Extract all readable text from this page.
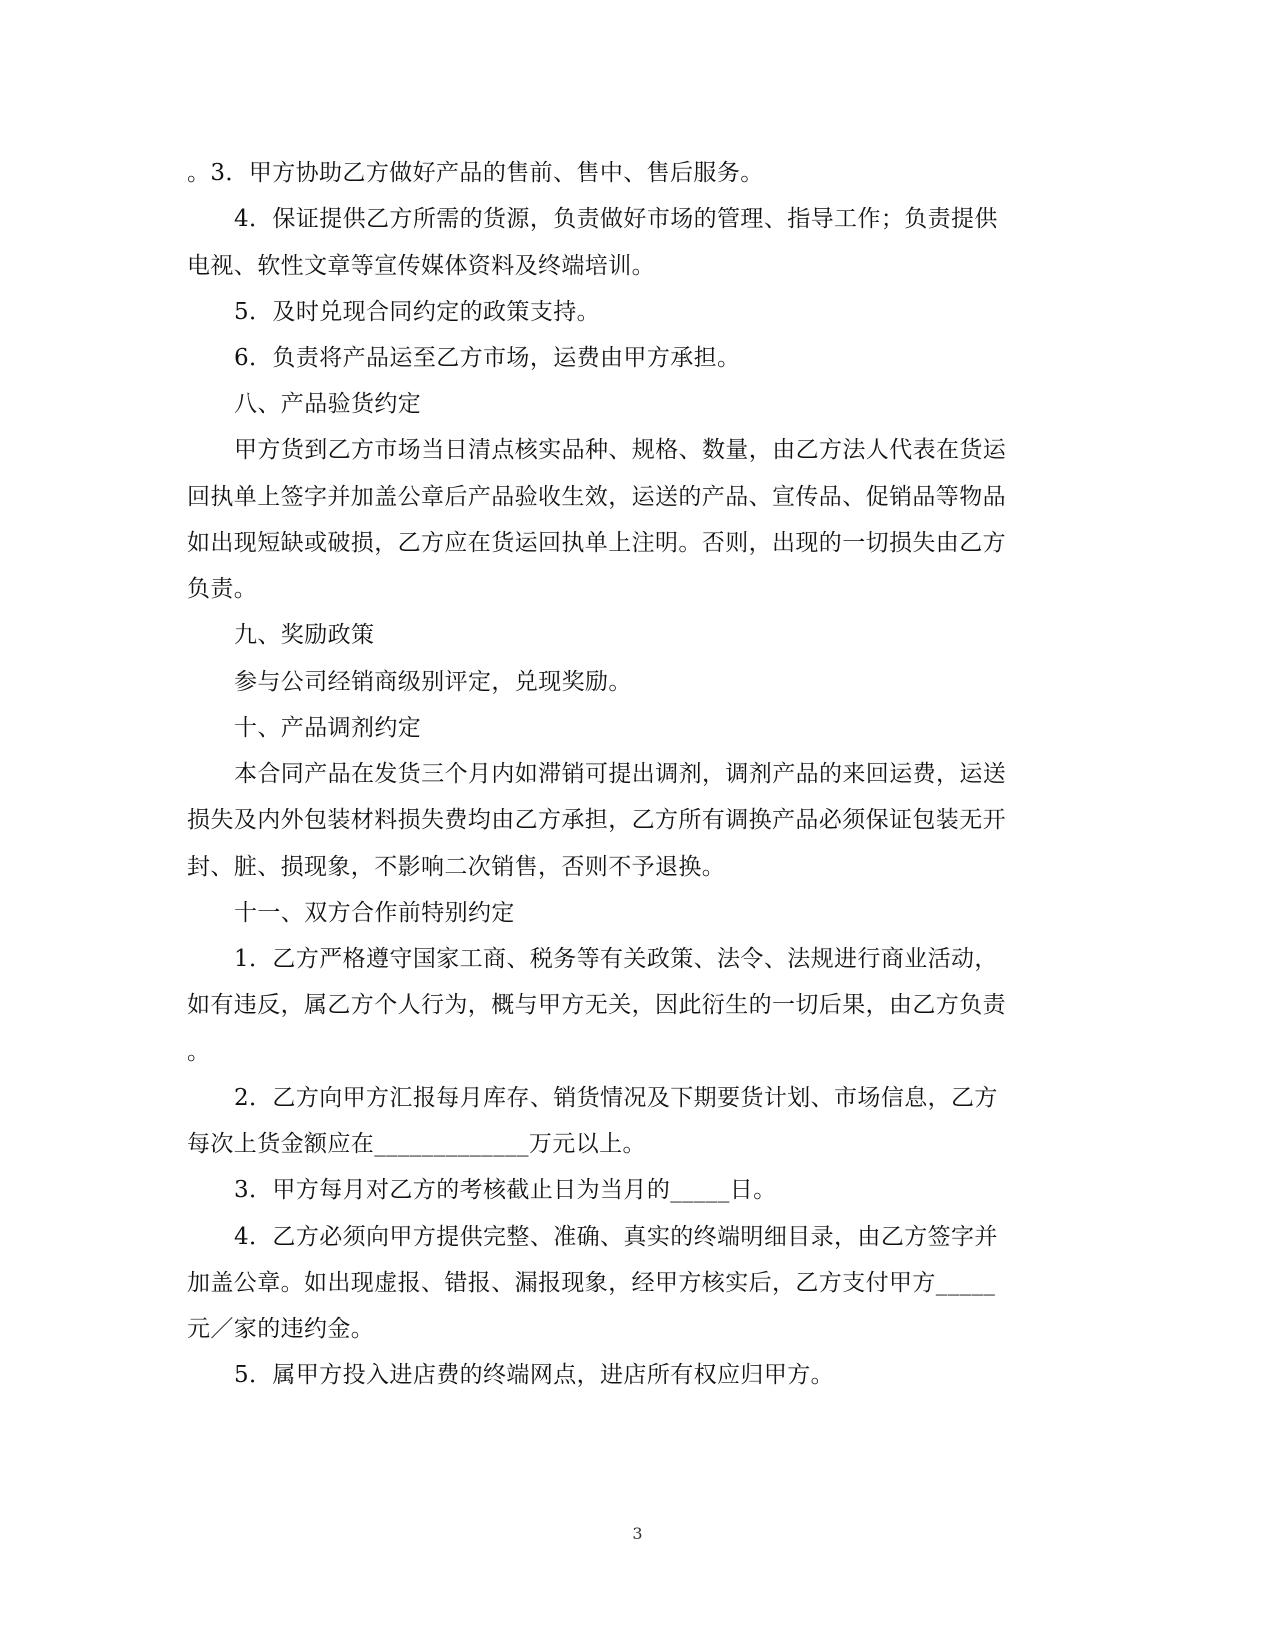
。3．甲方协助乙方做好产品的售前、售中、售后服务。
4．保证提供乙方所需的货源，负责做好市场的管理、指导工作；负责提供
电视、软性文章等宣传媒体资料及终端培训。
5．及时兑现合同约定的政策支持。
6．负责将产品运至乙方市场，运费由甲方承担。
八、产品验货约定
甲方货到乙方市场当日清点核实品种、规格、数量，由乙方法人代表在货运
回执单上签字并加盖公章后产品验收生效，运送的产品、宣传品、促销品等物品
如出现短缺或破损，乙方应在货运回执单上注明。否则，出现的一切损失由乙方
负责。
九、奖励政策
参与公司经销商级别评定，兑现奖励。
十、产品调剂约定
本合同产品在发货三个月内如滞销可提出调剂，调剂产品的来回运费，运送
损失及内外包装材料损失费均由乙方承担，乙方所有调换产品必须保证包装无开
封、脏、损现象，不影响二次销售，否则不予退换。
十一、双方合作前特别约定
1．乙方严格遵守国家工商、税务等有关政策、法令、法规进行商业活动，
如有违反，属乙方个人行为，概与甲方无关，因此衍生的一切后果，由乙方负责
。
2．乙方向甲方汇报每月库存、销货情况及下期要货计划、市场信息，乙方
每次上货金额应在_____________万元以上。
3．甲方每月对乙方的考核截止日为当月的_____日。
4．乙方必须向甲方提供完整、准确、真实的终端明细目录，由乙方签字并
加盖公章。如出现虚报、错报、漏报现象，经甲方核实后，乙方支付甲方_____
元／家的违约金。
5．属甲方投入进店费的终端网点，进店所有权应归甲方。
3
